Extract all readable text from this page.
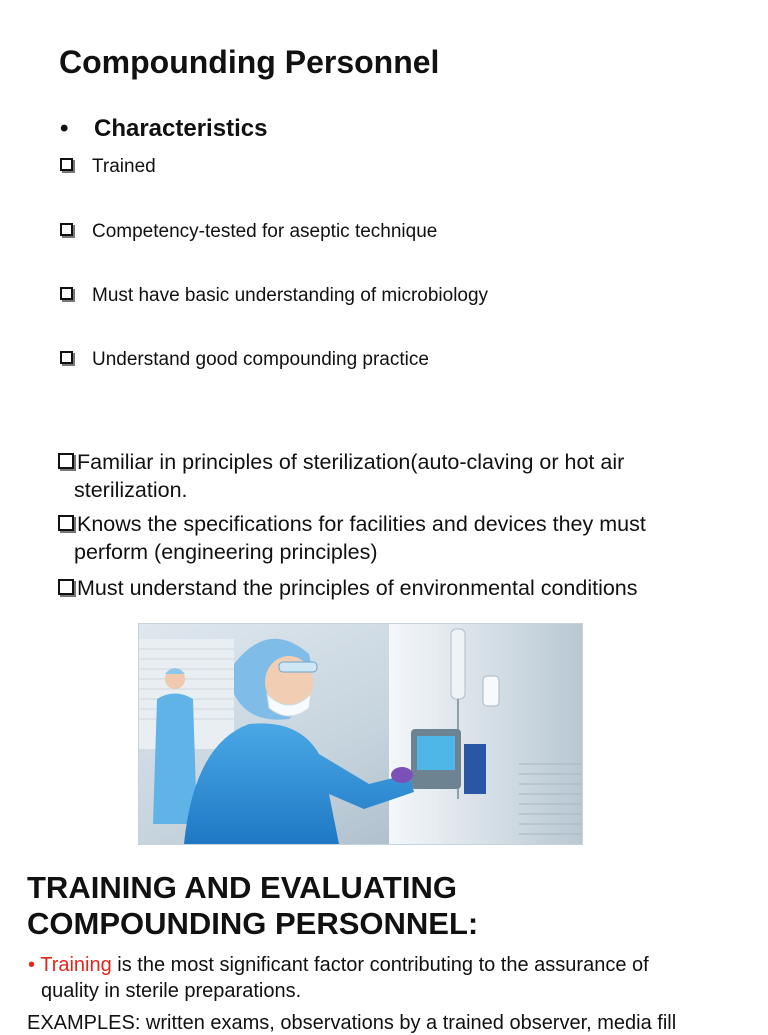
Compounding Personnel
• Characteristics
Trained
Competency-tested for aseptic technique
Must have basic understanding of microbiology
Understand good compounding practice
Familiar in principles of sterilization(auto-claving or hot air
sterilization.
Knows the specifications for facilities and devices they must
perform (engineering principles)
Must understand the principles of environmental conditions
TRAINING AND EVALUATING
COMPOUNDING PERSONNEL:
• Training is the most significant factor contributing to the assurance of
quality in sterile preparations.
EXAMPLES: written exams, observations by a trained observer, media fill
